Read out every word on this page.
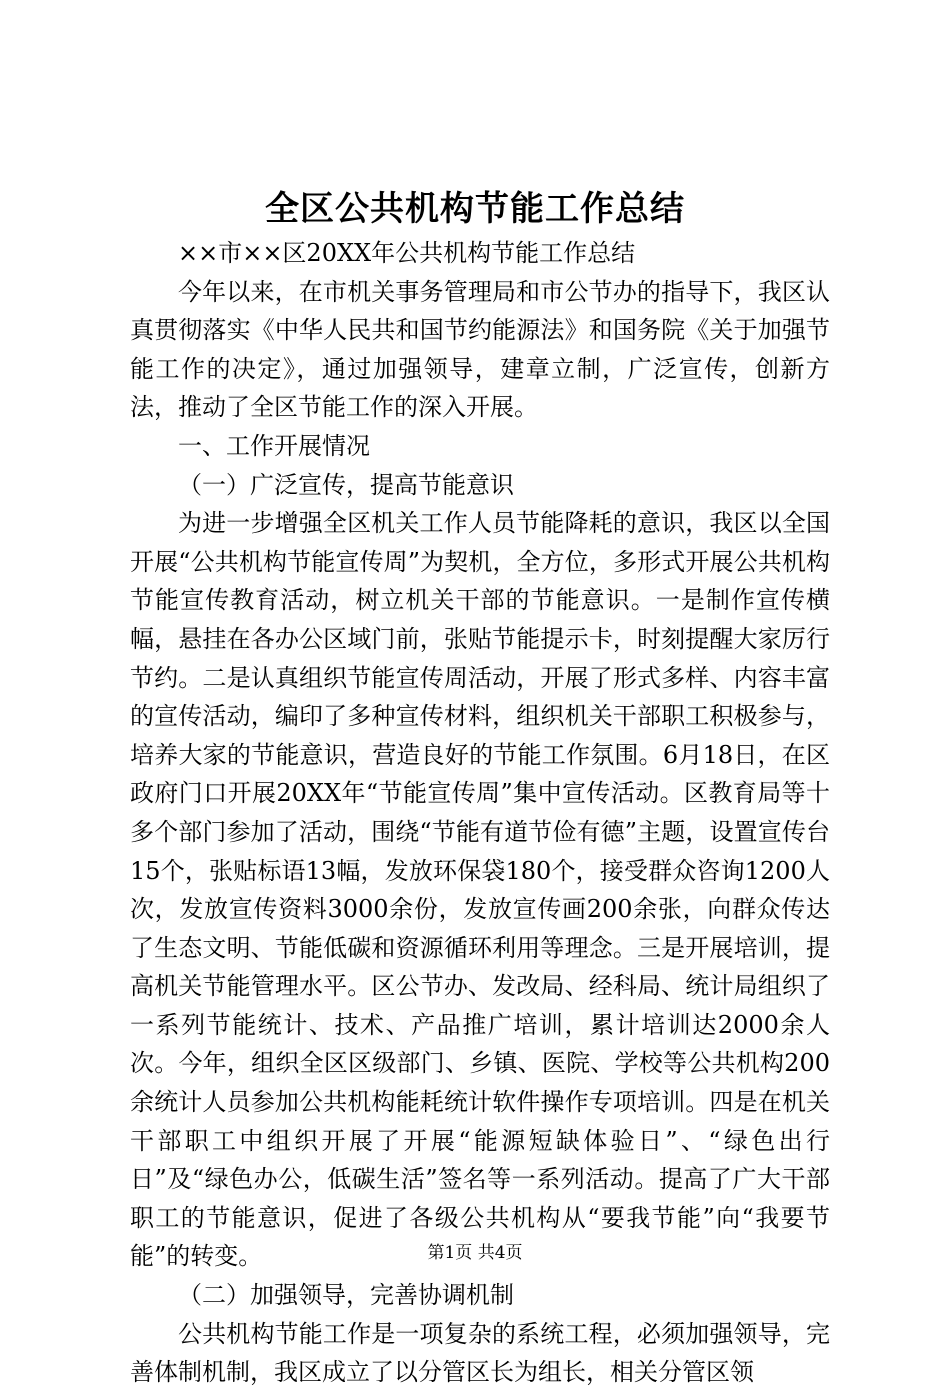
全区公共机构节能工作总结

××市××区20XX年公共机构节能工作总结

今年以来，在市机关事务管理局和市公节办的指导下，我区认真贯彻落实《中华人民共和国节约能源法》和国务院《关于加强节能工作的决定》，通过加强领导，建章立制，广泛宣传，创新方法，推动了全区节能工作的深入开展。

一、工作开展情况

（一）广泛宣传，提高节能意识

为进一步增强全区机关工作人员节能降耗的意识，我区以全国开展“公共机构节能宣传周”为契机，全方位，多形式开展公共机构节能宣传教育活动，树立机关干部的节能意识。一是制作宣传横幅，悬挂在各办公区域门前，张贴节能提示卡，时刻提醒大家厉行节约。二是认真组织节能宣传周活动，开展了形式多样、内容丰富的宣传活动，编印了多种宣传材料，组织机关干部职工积极参与，培养大家的节能意识，营造良好的节能工作氛围。6月18日，在区政府门口开展20XX年“节能宣传周”集中宣传活动。区教育局等十多个部门参加了活动，围绕“节能有道节俭有德”主题，设置宣传台15个，张贴标语13幅，发放环保袋180个，接受群众咨询1200人次，发放宣传资料3000余份，发放宣传画200余张，向群众传达了生态文明、节能低碳和资源循环利用等理念。三是开展培训，提高机关节能管理水平。区公节办、发改局、经科局、统计局组织了一系列节能统计、技术、产品推广培训，累计培训达2000余人次。今年，组织全区区级部门、乡镇、医院、学校等公共机构200余统计人员参加公共机构能耗统计软件操作专项培训。四是在机关干部职工中组织开展了开展“能源短缺体验日”、“绿色出行日”及“绿色办公，低碳生活”签名等一系列活动。提高了广大干部职工的节能意识，促进了各级公共机构从“要我节能”向“我要节能”的转变。

（二）加强领导，完善协调机制

公共机构节能工作是一项复杂的系统工程，必须加强领导，完善体制机制，我区成立了以分管区长为组长，相关分管区领

第1页 共4页
